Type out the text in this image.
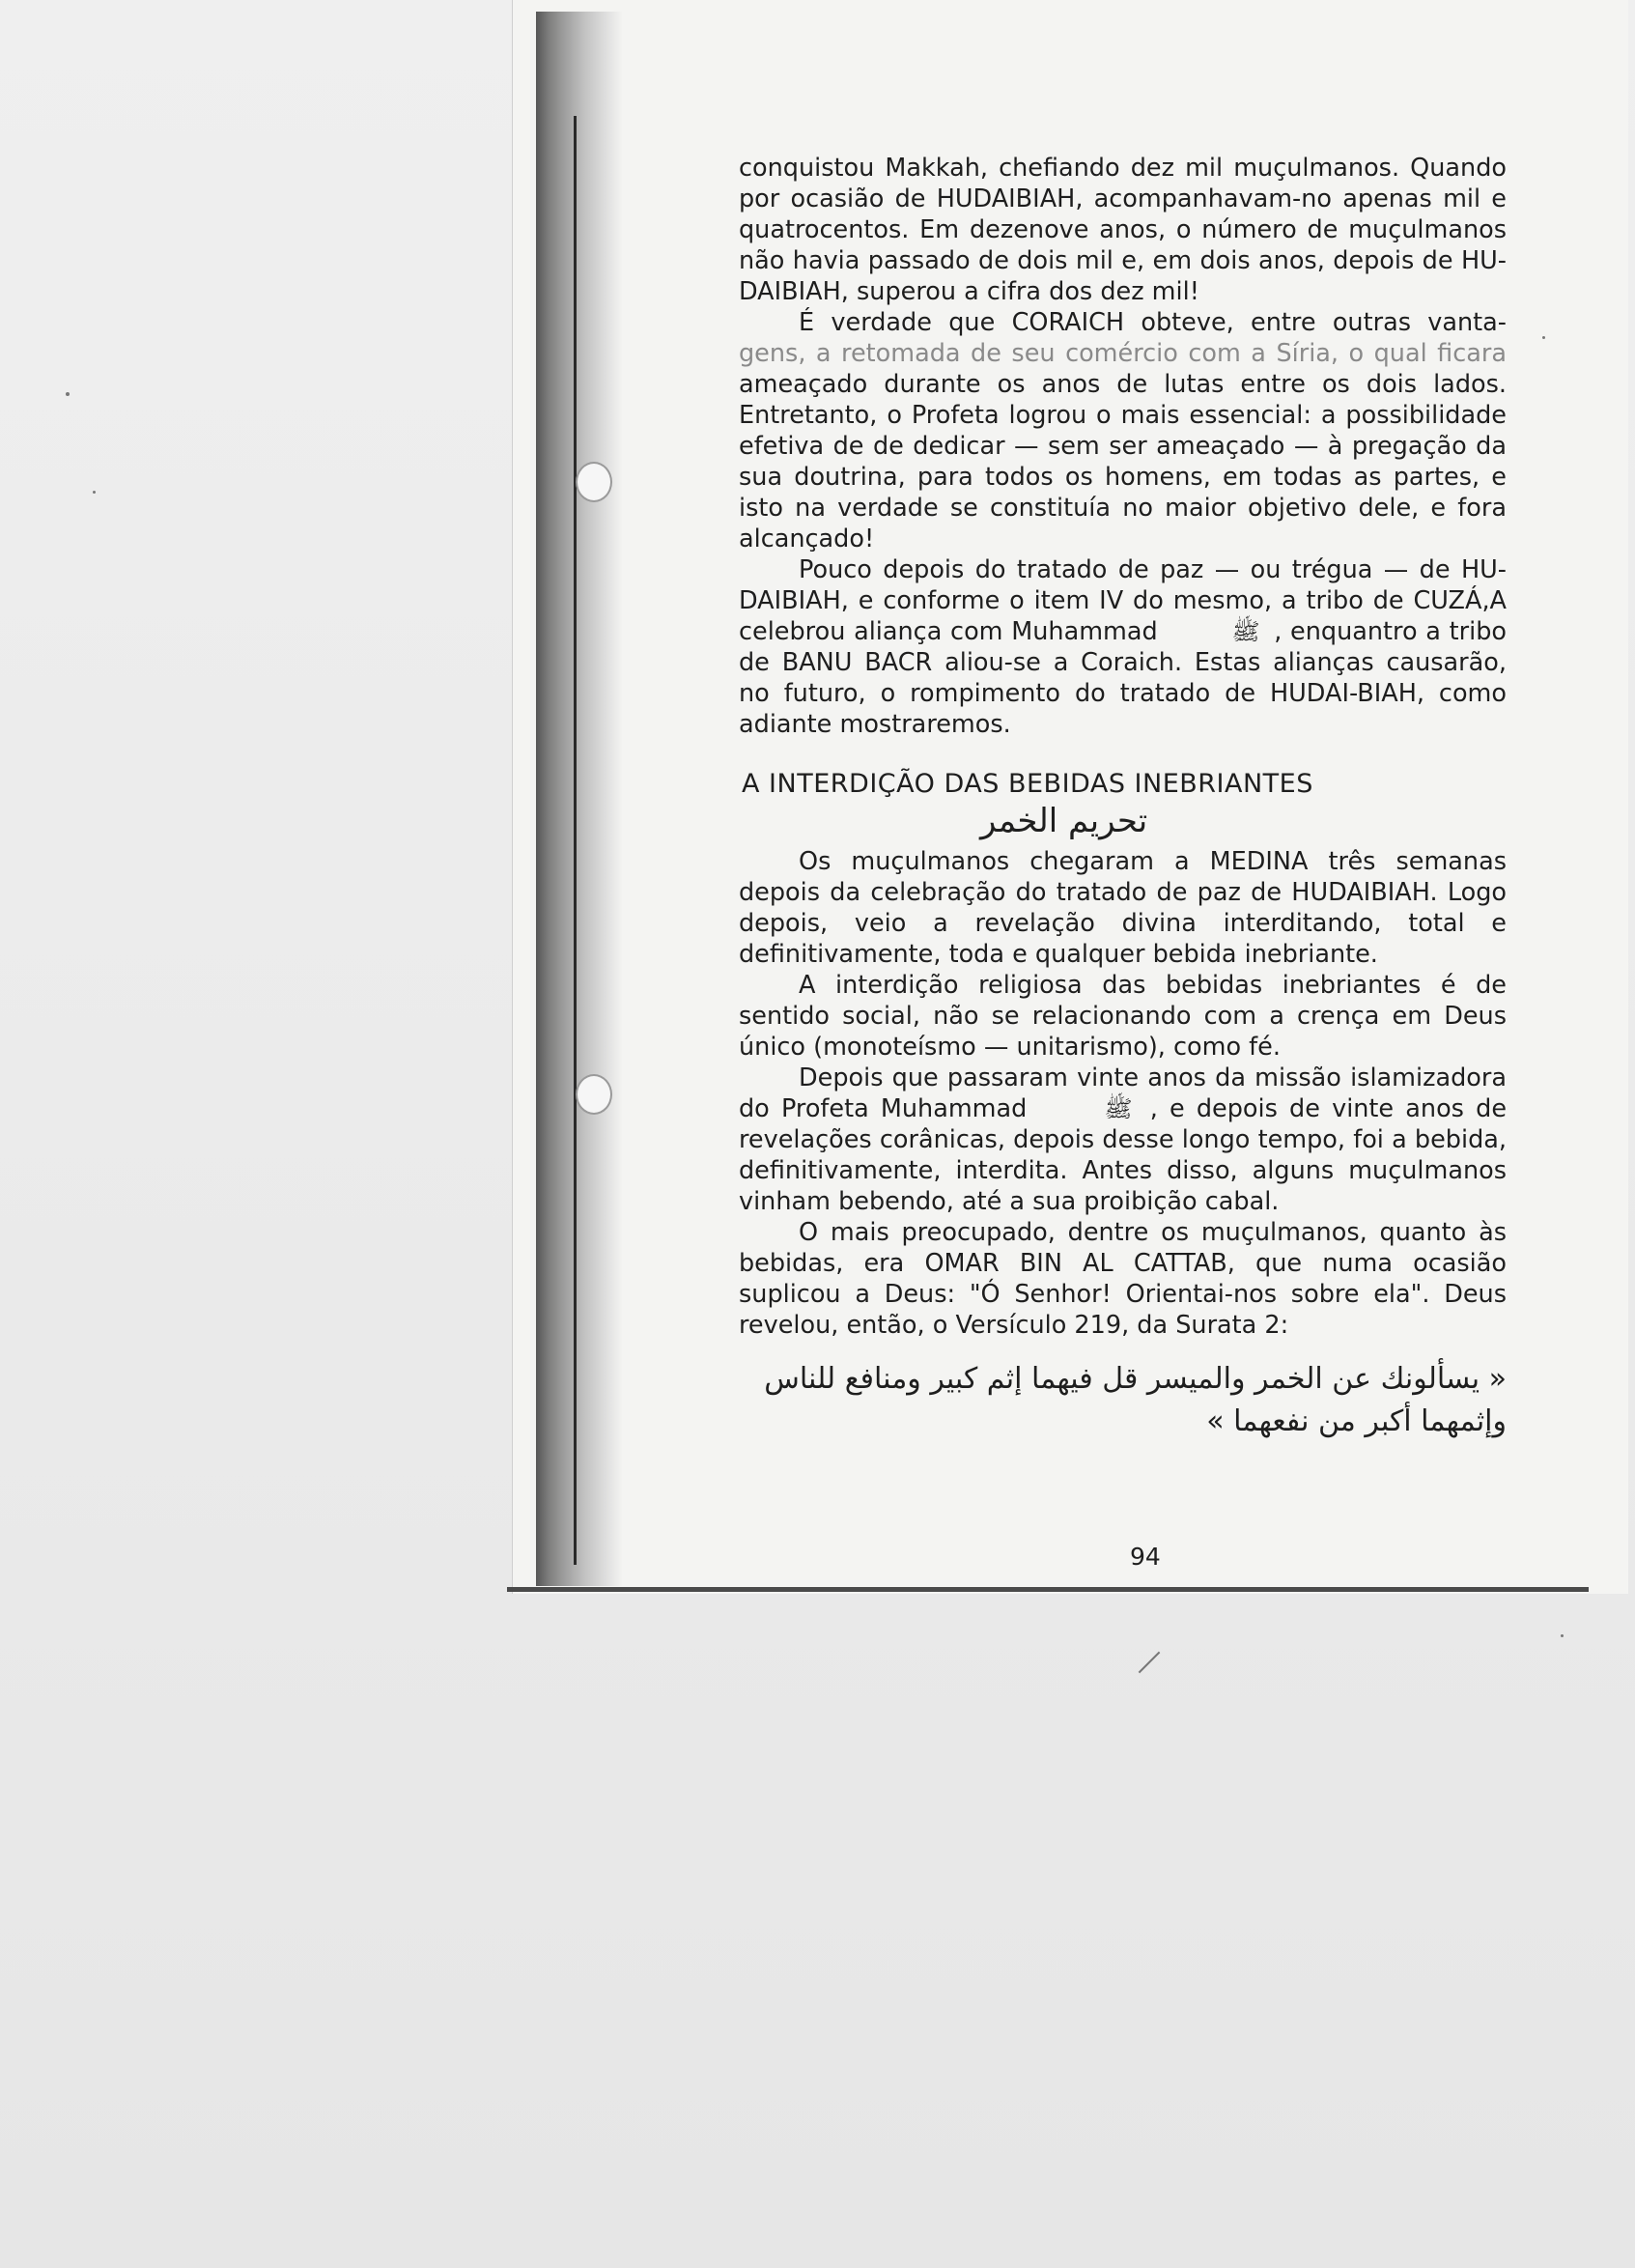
conquistou Makkah, chefiando dez mil muçulmanos. Quando por ocasião de HUDAIBIAH, acompanhavam-no apenas mil e quatrocentos. Em dezenove anos, o número de muçulmanos não havia passado de dois mil e, em dois anos, depois de HU-DAIBIAH, superou a cifra dos dez mil!

É verdade que CORAICH obteve, entre outras vanta- gens, a retomada de seu comércio com a Síria, o qual ficara ameaçado durante os anos de lutas entre os dois lados. Entretanto, o Profeta logrou o mais essencial: a possibilidade efetiva de de dedicar — sem ser ameaçado — à pregação da sua doutrina, para todos os homens, em todas as partes, e isto na verdade se constituía no maior objetivo dele, e fora alcançado!

Pouco depois do tratado de paz — ou trégua — de HU-DAIBIAH, e conforme o item IV do mesmo, a tribo de CUZÁ,A celebrou aliança com Muhammad	ﷺ , enquantro a tribo de BANU BACR aliou-se a Coraich. Estas alianças causarão, no futuro, o rompimento do tratado de HUDAI-BIAH, como adiante mostraremos.

A INTERDIÇÃO DAS BEBIDAS INEBRIANTES
تحريم الخمر

Os muçulmanos chegaram a MEDINA três semanas depois da celebração do tratado de paz de HUDAIBIAH. Logo depois, veio a revelação divina interditando, total e definitivamente, toda e qualquer bebida inebriante.

A interdição religiosa das bebidas inebriantes é de sentido social, não se relacionando com a crença em Deus único (monoteísmo — unitarismo), como fé.

Depois que passaram vinte anos da missão islamizadora do Profeta Muhammad	ﷺ , e depois de vinte anos de revelações corânicas, depois desse longo tempo, foi a bebida, definitivamente, interdita. Antes disso, alguns muçulmanos vinham bebendo, até a sua proibição cabal.

O mais preocupado, dentre os muçulmanos, quanto às bebidas, era OMAR BIN AL CATTAB, que numa ocasião suplicou a Deus: "Ó Senhor! Orientai-nos sobre ela". Deus revelou, então, o Versículo 219, da Surata 2:

« يسألونك عن الخمر والميسر قل فيهما إثم كبير ومنافع للناس وإثمهما أكبر من نفعهما »
94
